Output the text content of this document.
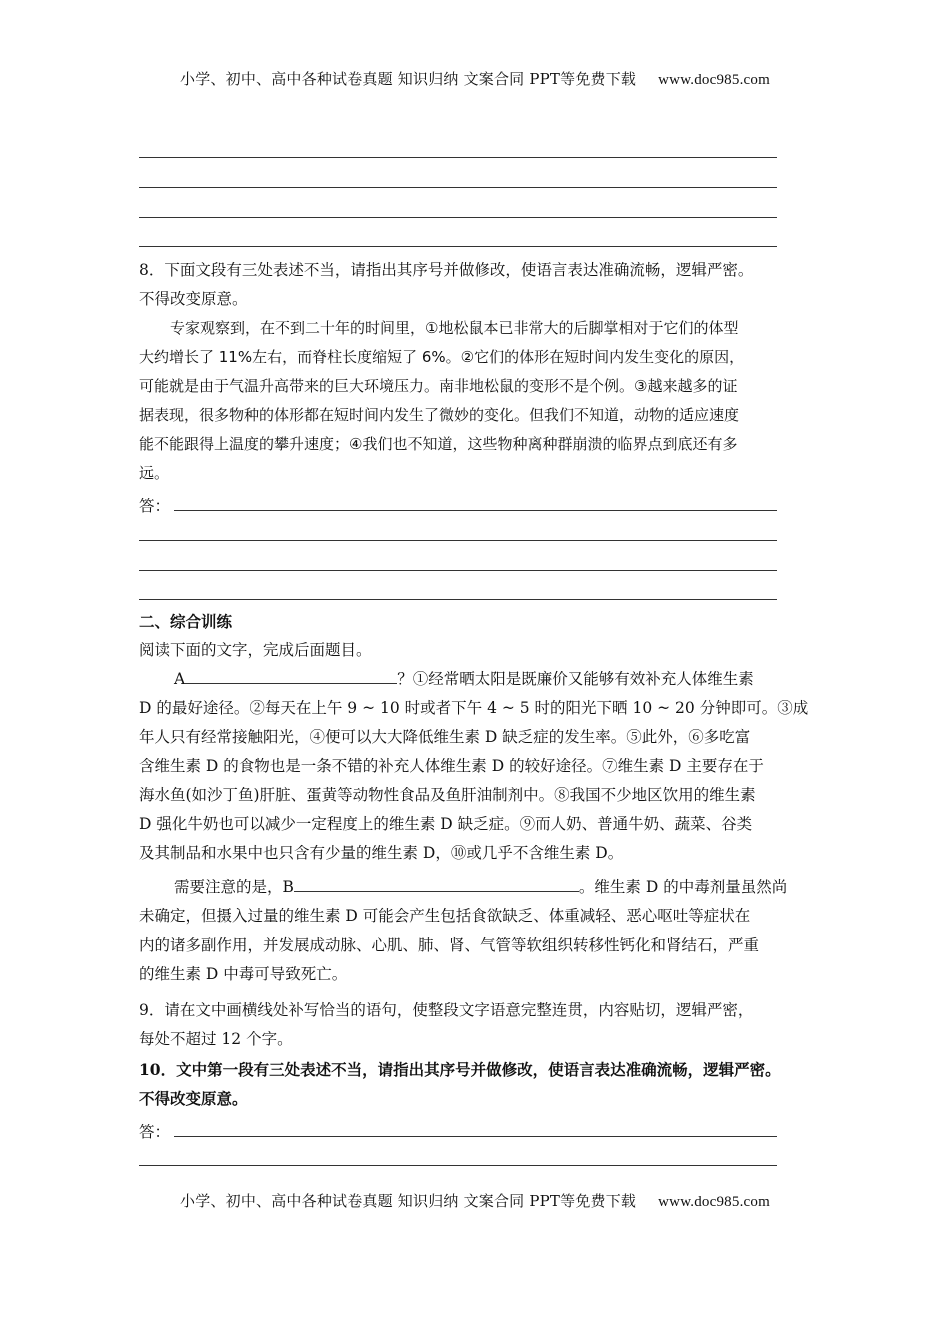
小学、初中、高中各种试卷真题 知识归纳 文案合同 PPT等免费下载 www.doc985.com
8．下面文段有三处表述不当，请指出其序号并做修改，使语言表达准确流畅，逻辑严密。
不得改变原意。
专家观察到，在不到二十年的时间里，①地松鼠本已非常大的后脚掌相对于它们的体型
大约增长了 11%左右，而脊柱长度缩短了 6%。②它们的体形在短时间内发生变化的原因，
可能就是由于气温升高带来的巨大环境压力。南非地松鼠的变形不是个例。③越来越多的证
据表现，很多物种的体形都在短时间内发生了微妙的变化。但我们不知道，动物的适应速度
能不能跟得上温度的攀升速度；④我们也不知道，这些物种离种群崩溃的临界点到底还有多
远。
答：
二、综合训练
阅读下面的文字，完成后面题目。
A	？①经常晒太阳是既廉价又能够有效补充人体维生素
D 的最好途径。②每天在上午 9 ~ 10 时或者下午 4 ~ 5 时的阳光下晒 10 ~ 20 分钟即可。③成
年人只有经常接触阳光，④便可以大大降低维生素 D 缺乏症的发生率。⑤此外，⑥多吃富
含维生素 D 的食物也是一条不错的补充人体维生素 D 的较好途径。⑦维生素 D 主要存在于
海水鱼(如沙丁鱼)肝脏、蛋黄等动物性食品及鱼肝油制剂中。⑧我国不少地区饮用的维生素
D 强化牛奶也可以减少一定程度上的维生素 D 缺乏症。⑨而人奶、普通牛奶、蔬菜、谷类
及其制品和水果中也只含有少量的维生素 D，⑩或几乎不含维生素 D。
需要注意的是，B	。维生素 D 的中毒剂量虽然尚
未确定，但摄入过量的维生素 D 可能会产生包括食欲缺乏、体重减轻、恶心呕吐等症状在
内的诸多副作用，并发展成动脉、心肌、肺、肾、气管等软组织转移性钙化和肾结石，严重
的维生素 D 中毒可导致死亡。
9．请在文中画横线处补写恰当的语句，使整段文字语意完整连贯，内容贴切，逻辑严密，
每处不超过 12 个字。
10．文中第一段有三处表述不当，请指出其序号并做修改，使语言表达准确流畅，逻辑严密。
不得改变原意。
答：
小学、初中、高中各种试卷真题 知识归纳 文案合同 PPT等免费下载 www.doc985.com
